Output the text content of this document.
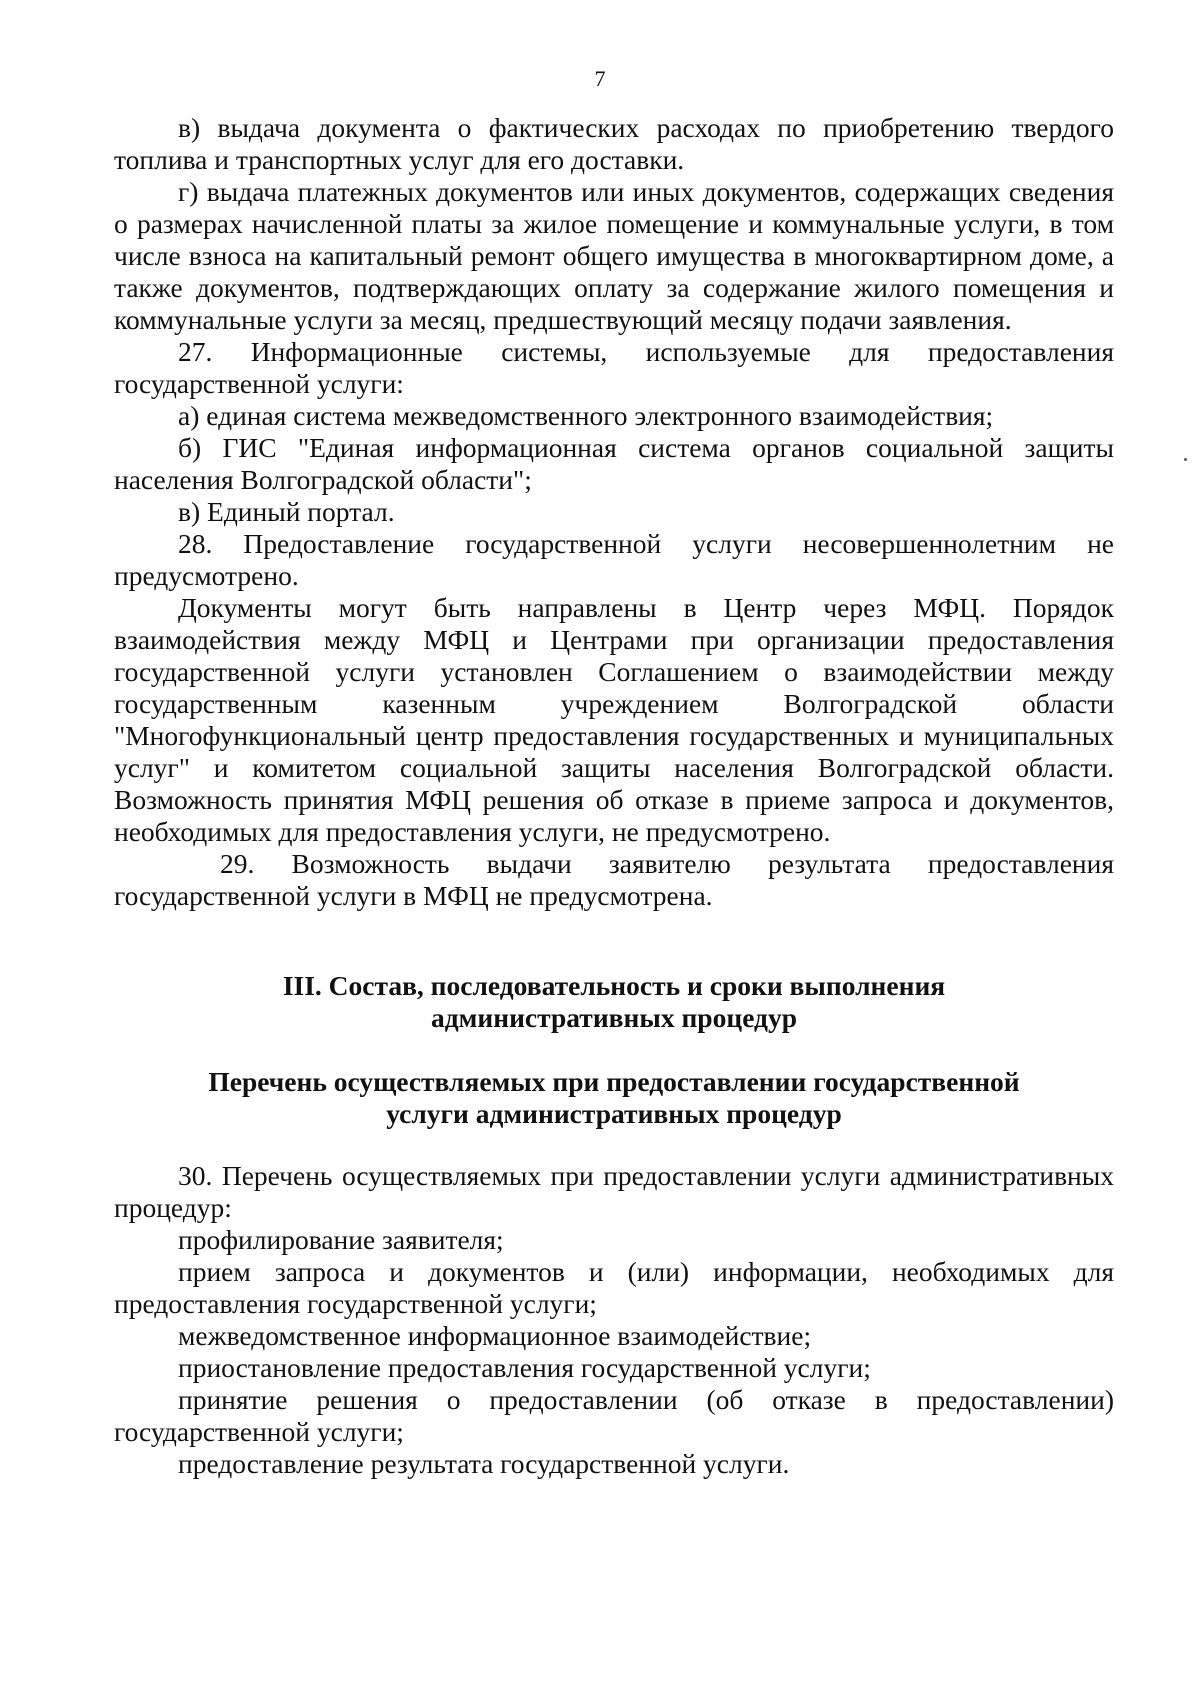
7

в) выдача документа о фактических расходах по приобретению твердого топлива и транспортных услуг для его доставки.

г) выдача платежных документов или иных документов, содержащих сведения о размерах начисленной платы за жилое помещение и коммунальные услуги, в том числе взноса на капитальный ремонт общего имущества в многоквартирном доме, а также документов, подтверждающих оплату за содержание жилого помещения и коммунальные услуги за месяц, предшествующий месяцу подачи заявления.

27. Информационные системы, используемые для предоставления государственной услуги:

а) единая система межведомственного электронного взаимодействия;

б) ГИС "Единая информационная система органов социальной защиты населения Волгоградской области";

в) Единый портал.

28. Предоставление государственной услуги несовершеннолетним не предусмотрено.

Документы могут быть направлены в Центр через МФЦ. Порядок взаимодействия между МФЦ и Центрами при организации предоставления государственной услуги установлен Соглашением о взаимодействии между государственным казенным учреждением Волгоградской области "Многофункциональный центр предоставления государственных и муниципальных услуг" и комитетом социальной защиты населения Волгоградской области. Возможность принятия МФЦ решения об отказе в приеме запроса и документов, необходимых для предоставления услуги, не предусмотрено.

29. Возможность выдачи заявителю результата предоставления государственной услуги в МФЦ не предусмотрена.

III. Состав, последовательность и сроки выполнения
административных процедур
Перечень осуществляемых при предоставлении государственной
услуги административных процедур

30. Перечень осуществляемых при предоставлении услуги административных процедур:

профилирование заявителя;

прием запроса и документов и (или) информации, необходимых для предоставления государственной услуги;

межведомственное информационное взаимодействие;

приостановление предоставления государственной услуги;

принятие решения о предоставлении (об отказе в предоставлении) государственной услуги;

предоставление результата государственной услуги.
